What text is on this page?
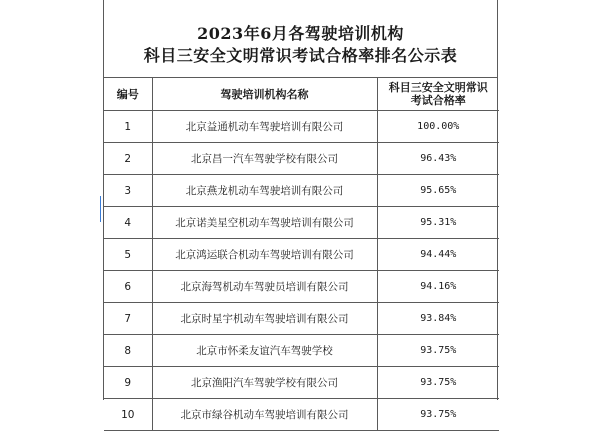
2023年6月各驾驶培训机构
科目三安全文明常识考试合格率排名公示表
编号	驾驶培训机构名称	科目三安全文明常识考试合格率
1	北京益通机动车驾驶培训有限公司	100.00%
2	北京昌一汽车驾驶学校有限公司	96.43%
3	北京燕龙机动车驾驶培训有限公司	95.65%
4	北京诺美星空机动车驾驶培训有限公司	95.31%
5	北京鸿运联合机动车驾驶培训有限公司	94.44%
6	北京海驾机动车驾驶员培训有限公司	94.16%
7	北京时星宇机动车驾驶培训有限公司	93.84%
8	北京市怀柔友谊汽车驾驶学校	93.75%
9	北京渔阳汽车驾驶学校有限公司	93.75%
10	北京市绿谷机动车驾驶培训有限公司	93.75%
